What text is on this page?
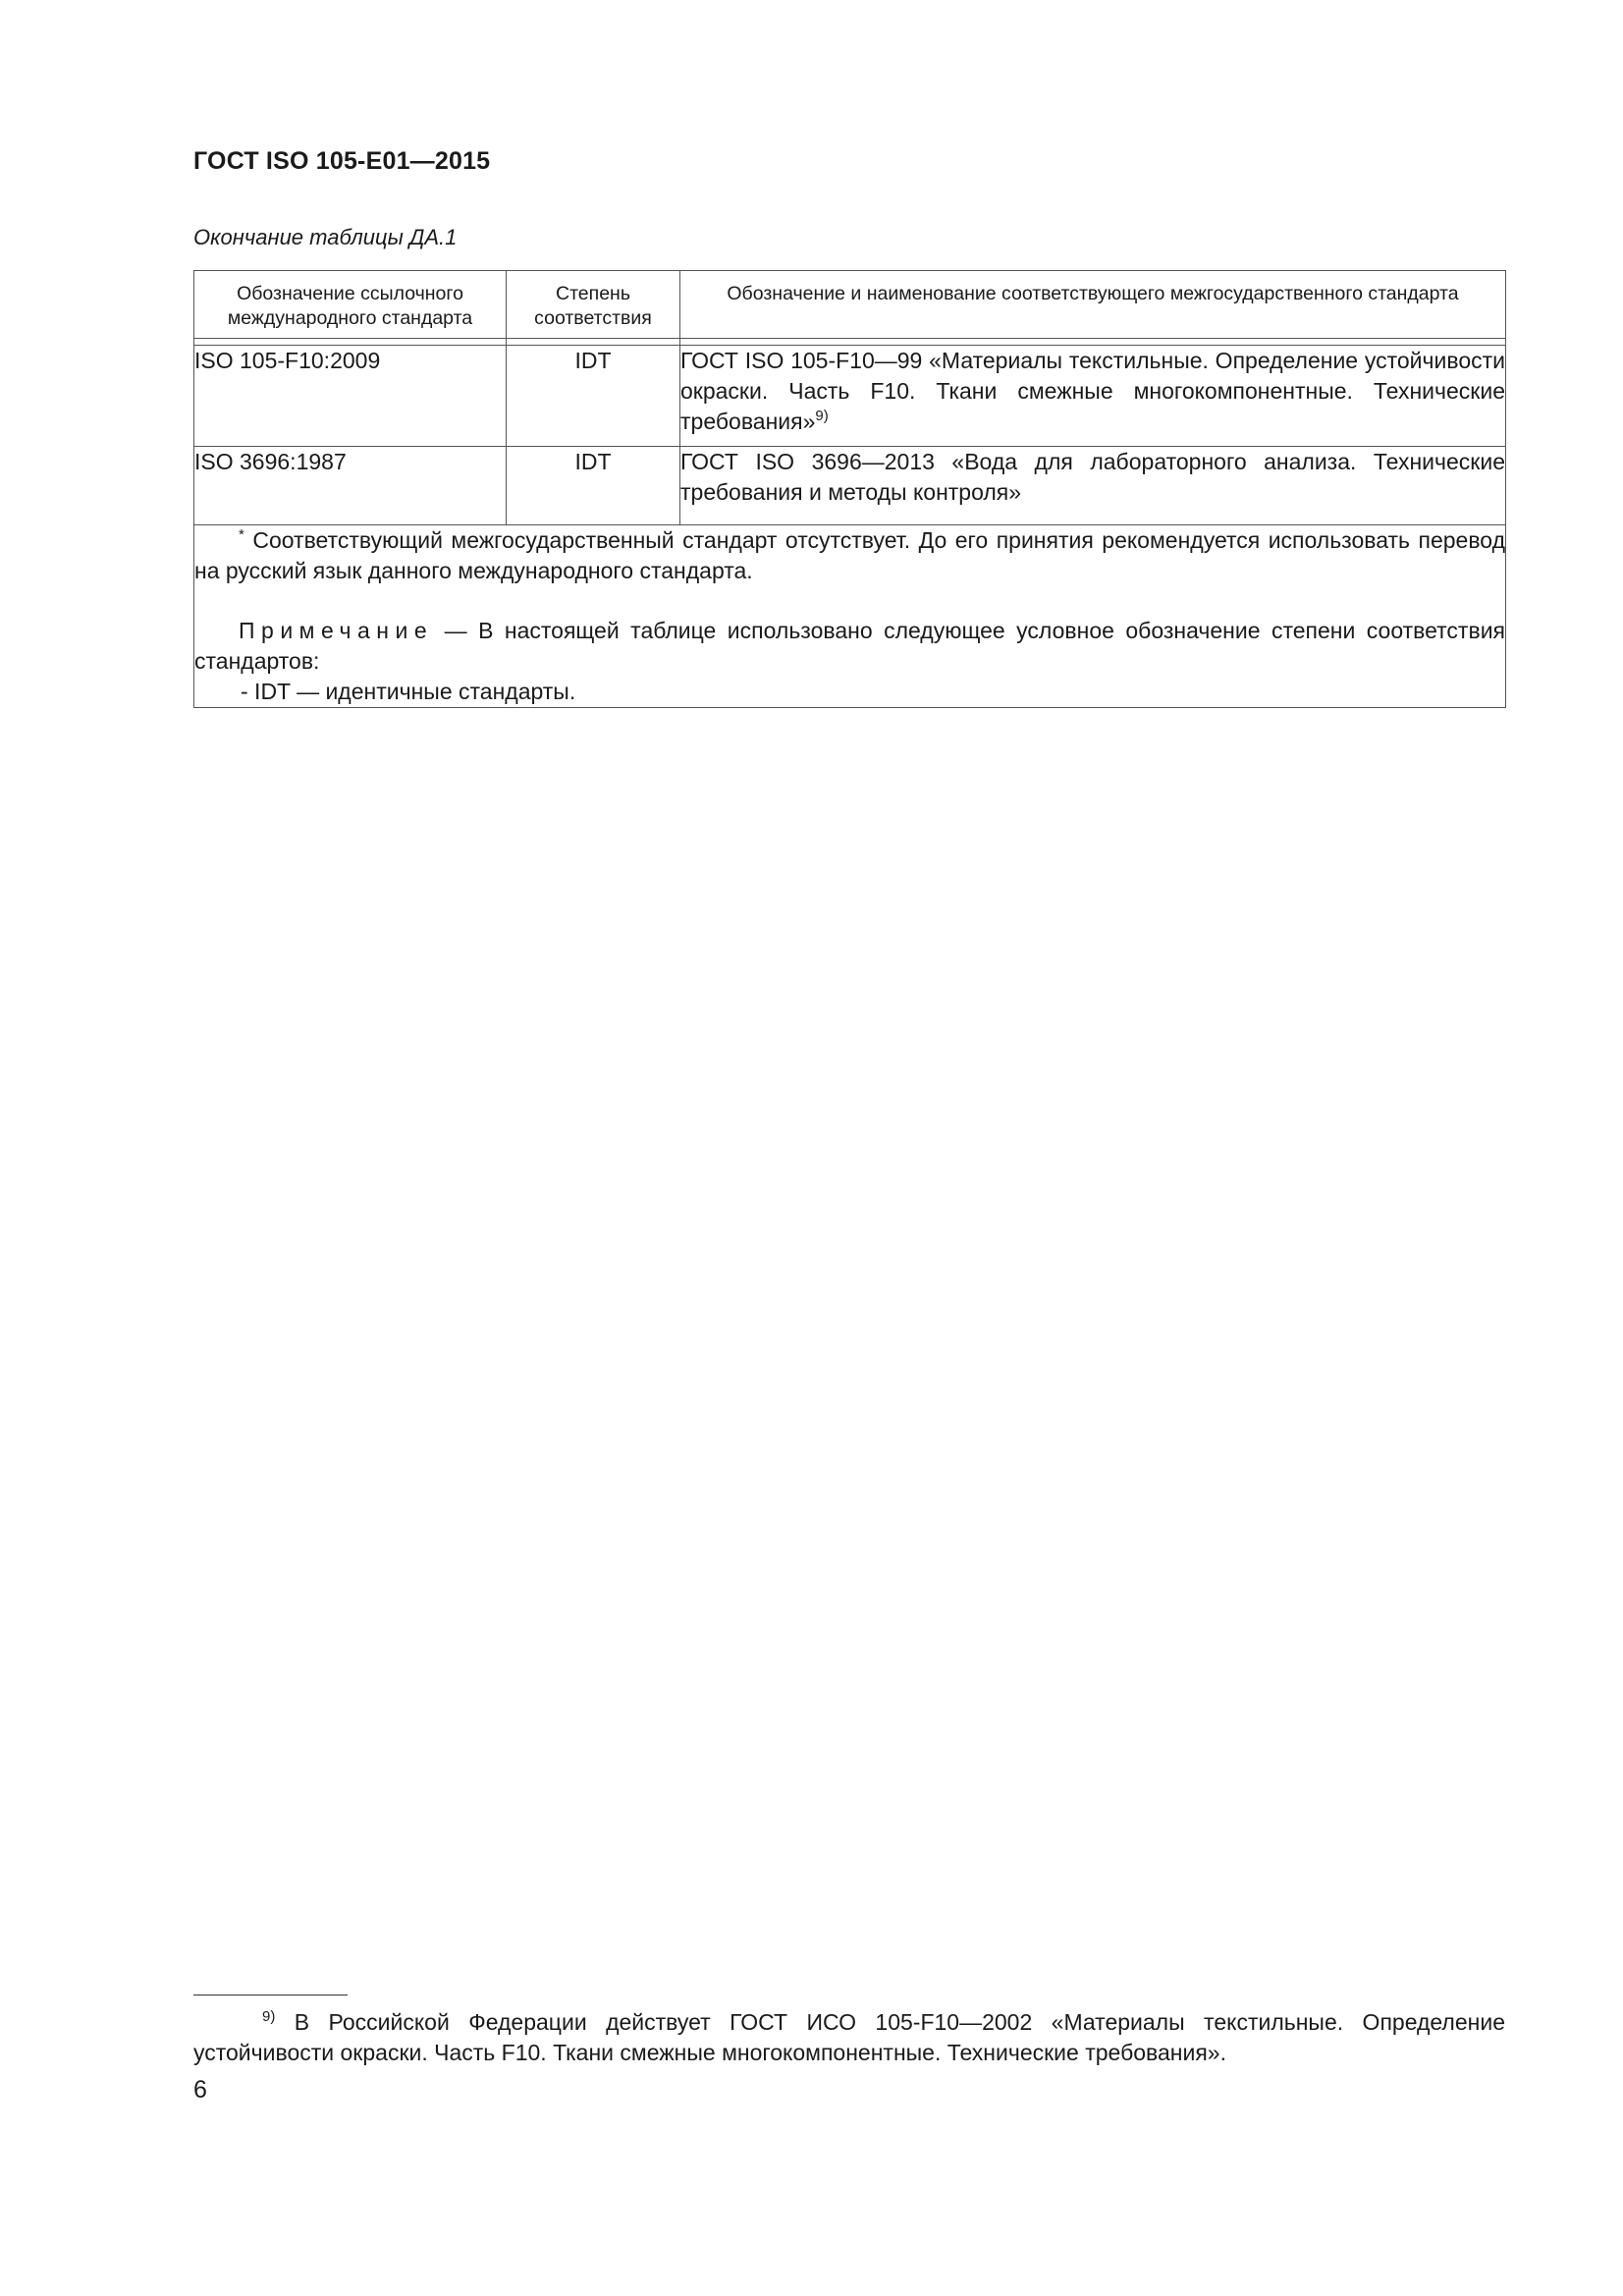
ГОСТ ISO 105-E01—2015
Окончание таблицы ДА.1
Обозначение ссылочного международного стандарта	Степень соответствия	Обозначение и наименование соответствующего межгосударственного стандарта

ISO 105-F10:2009	IDT	ГОСТ ISO 105-F10—99 «Материалы текстильные. Определение устойчивости окраски. Часть F10. Ткани смежные многокомпонентные. Технические требования»$^{9)}$
ISO 3696:1987	IDT	ГОСТ ISO 3696—2013 «Вода для лабораторного анализа. Технические требования и методы контроля»

* Соответствующий межгосударственный стандарт отсутствует. До его принятия рекомендуется использовать перевод на русский язык данного международного стандарта.
Примечание — В настоящей таблице использовано следующее условное обозначение степени соответствия стандартов:
- IDT — идентичные стандарты.		
$^{9)}$ В Российской Федерации действует ГОСТ ИСО 105-F10—2002 «Материалы текстильные. Определение устойчивости окраски. Часть F10. Ткани смежные многокомпонентные. Технические требования».
6
